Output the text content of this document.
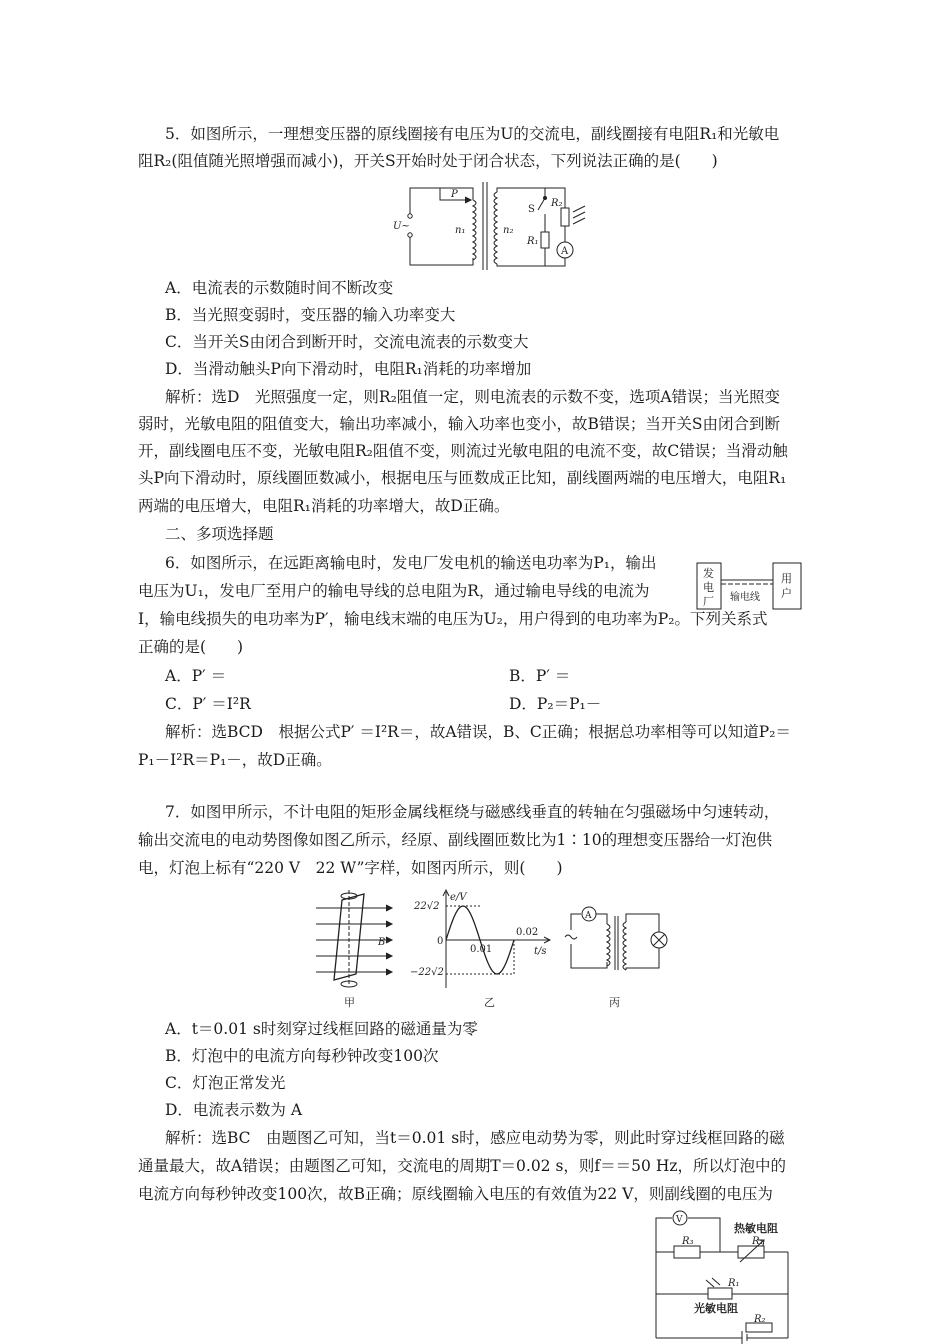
5．如图所示，一理想变压器的原线圈接有电压为U的交流电，副线圈接有电阻R₁和光敏电
阻R₂(阻值随光照增强而减小)，开关S开始时处于闭合状态，下列说法正确的是(　　)
U~
P
n₁	n₂
S
R₁
R₂
A
A．电流表的示数随时间不断改变
B．当光照变弱时，变压器的输入功率变大
C．当开关S由闭合到断开时，交流电流表的示数变大
D．当滑动触头P向下滑动时，电阻R₁消耗的功率增加
解析：选D　光照强度一定，则R₂阻值一定，则电流表的示数不变，选项A错误；当光照变
弱时，光敏电阻的阻值变大，输出功率减小，输入功率也变小，故B错误；当开关S由闭合到断
开，副线圈电压不变，光敏电阻R₂阻值不变，则流过光敏电阻的电流不变，故C错误；当滑动触
头P向下滑动时，原线圈匝数减小，根据电压与匝数成正比知，副线圈两端的电压增大，电阻R₁
两端的电压增大，电阻R₁消耗的功率增大，故D正确。
二、多项选择题
6．如图所示，在远距离输电时，发电厂发电机的输送电功率为P₁，输出
电压为U₁，发电厂至用户的输电导线的总电阻为R，通过输电导线的电流为
发
电
厂
用
户
输电线
I，输电线损失的电功率为P′，输电线末端的电压为U₂，用户得到的电功率为P₂。下列关系式
正确的是(　　)
A．P′ ＝	B．P′ ＝
C．P′ ＝I²R	D．P₂＝P₁－
解析：选BCD　根据公式P′ ＝I²R＝，故A错误，B、C正确；根据总功率相等可以知道P₂＝
P₁－I²R＝P₁－，故D正确。
7．如图甲所示，不计电阻的矩形金属线框绕与磁感线垂直的转轴在匀强磁场中匀速转动，
输出交流电的电动势图像如图乙所示，经原、副线圈匝数比为1∶10的理想变压器给一灯泡供
电，灯泡上标有“220 V　22 W”字样，如图丙所示，则(　　)
B
甲
e/V
t/s
22√2
−22√2
0
0.01
0.02
乙
A
丙
A．t＝0.01 s时刻穿过线框回路的磁通量为零
B．灯泡中的电流方向每秒钟改变100次
C．灯泡正常发光
D．电流表示数为 A
解析：选BC　由题图乙可知，当t＝0.01 s时，感应电动势为零，则此时穿过线框回路的磁
通量最大，故A错误；由题图乙可知，交流电的周期T＝0.02 s，则f＝＝50 Hz，所以灯泡中的
电流方向每秒钟改变100次，故B正确；原线圈输入电压的有效值为22 V，则副线圈的电压为
V
热敏电阻
R₃	R₁
R₁
光敏电阻
R₂
